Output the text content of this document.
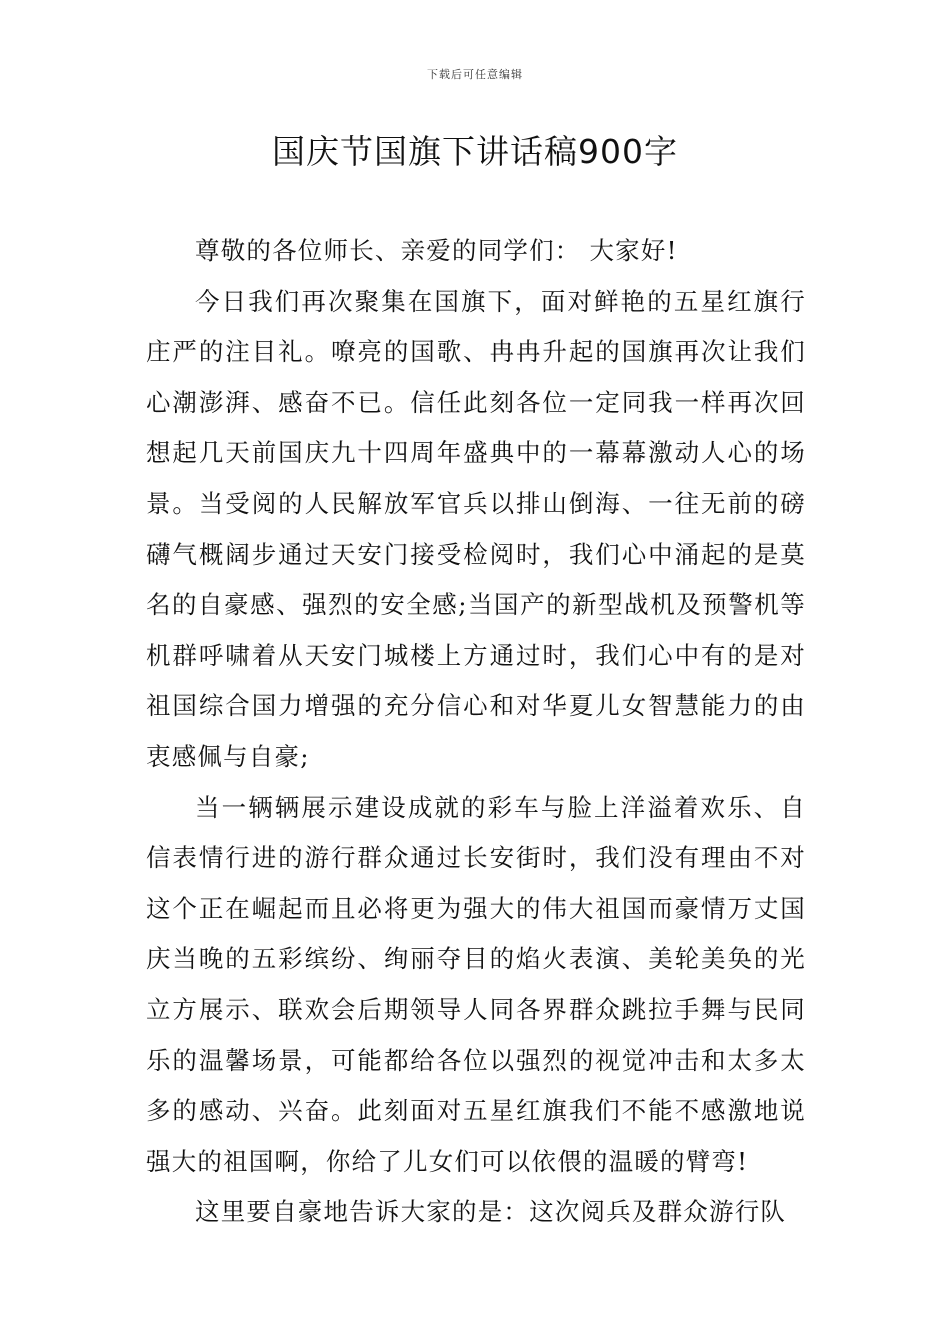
下载后可任意编辑
国庆节国旗下讲话稿900字

尊敬的各位师长、亲爱的同学们： 大家好!

今日我们再次聚集在国旗下，面对鲜艳的五星红旗行庄严的注目礼。嘹亮的国歌、冉冉升起的国旗再次让我们心潮澎湃、感奋不已。信任此刻各位一定同我一样再次回想起几天前国庆九十四周年盛典中的一幕幕激动人心的场景。当受阅的人民解放军官兵以排山倒海、一往无前的磅礴气概阔步通过天安门接受检阅时，我们心中涌起的是莫名的自豪感、强烈的安全感;当国产的新型战机及预警机等机群呼啸着从天安门城楼上方通过时，我们心中有的是对祖国综合国力增强的充分信心和对华夏儿女智慧能力的由衷感佩与自豪;

当一辆辆展示建设成就的彩车与脸上洋溢着欢乐、自信表情行进的游行群众通过长安街时，我们没有理由不对这个正在崛起而且必将更为强大的伟大祖国而豪情万丈国庆当晚的五彩缤纷、绚丽夺目的焰火表演、美轮美奂的光立方展示、联欢会后期领导人同各界群众跳拉手舞与民同乐的温馨场景，可能都给各位以强烈的视觉冲击和太多太多的感动、兴奋。此刻面对五星红旗我们不能不感激地说强大的祖国啊，你给了儿女们可以依偎的温暖的臂弯!

这里要自豪地告诉大家的是：这次阅兵及群众游行队
